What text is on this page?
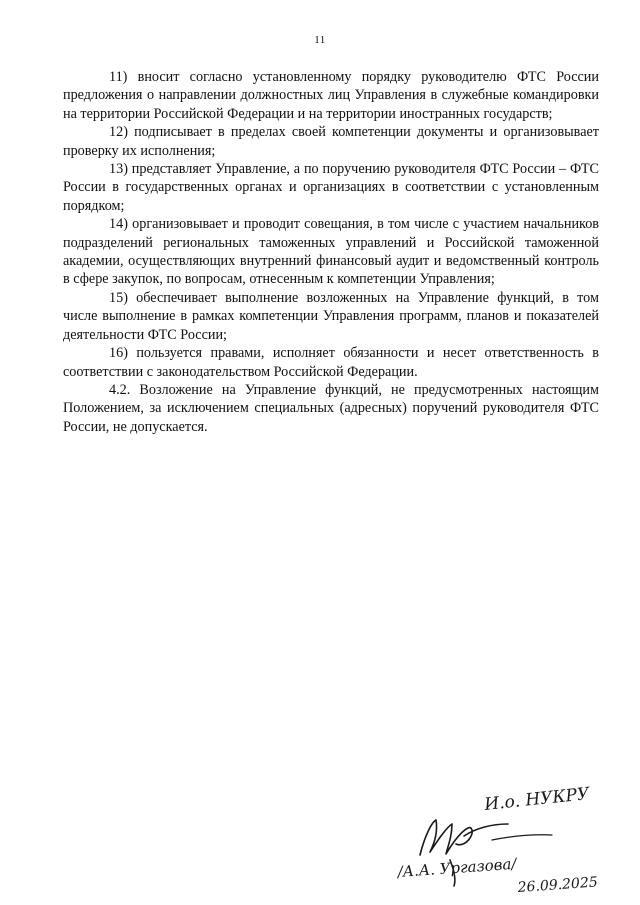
11

11) вносит согласно установленному порядку руководителю ФТС России предложения о направлении должностных лиц Управления в служебные командировки на территории Российской Федерации и на территории иностранных государств;

12) подписывает в пределах своей компетенции документы и организовывает проверку их исполнения;

13) представляет Управление, а по поручению руководителя ФТС России – ФТС России в государственных органах и организациях в соответствии с установленным порядком;

14) организовывает и проводит совещания, в том числе с участием начальников подразделений региональных таможенных управлений и Российской таможенной академии, осуществляющих внутренний финансовый аудит и ведомственный контроль в сфере закупок, по вопросам, отнесенным к компетенции Управления;

15) обеспечивает выполнение возложенных на Управление функций, в том числе выполнение в рамках компетенции Управления программ, планов и показателей деятельности ФТС России;

16) пользуется правами, исполняет обязанности и несет ответственность в соответствии с законодательством Российской Федерации.

4.2. Возложение на Управление функций, не предусмотренных настоящим Положением, за исключением специальных (адресных) поручений руководителя ФТС России, не допускается.

И.о. НУКРУ
/А.А. Ургазова/
26.09.2025
